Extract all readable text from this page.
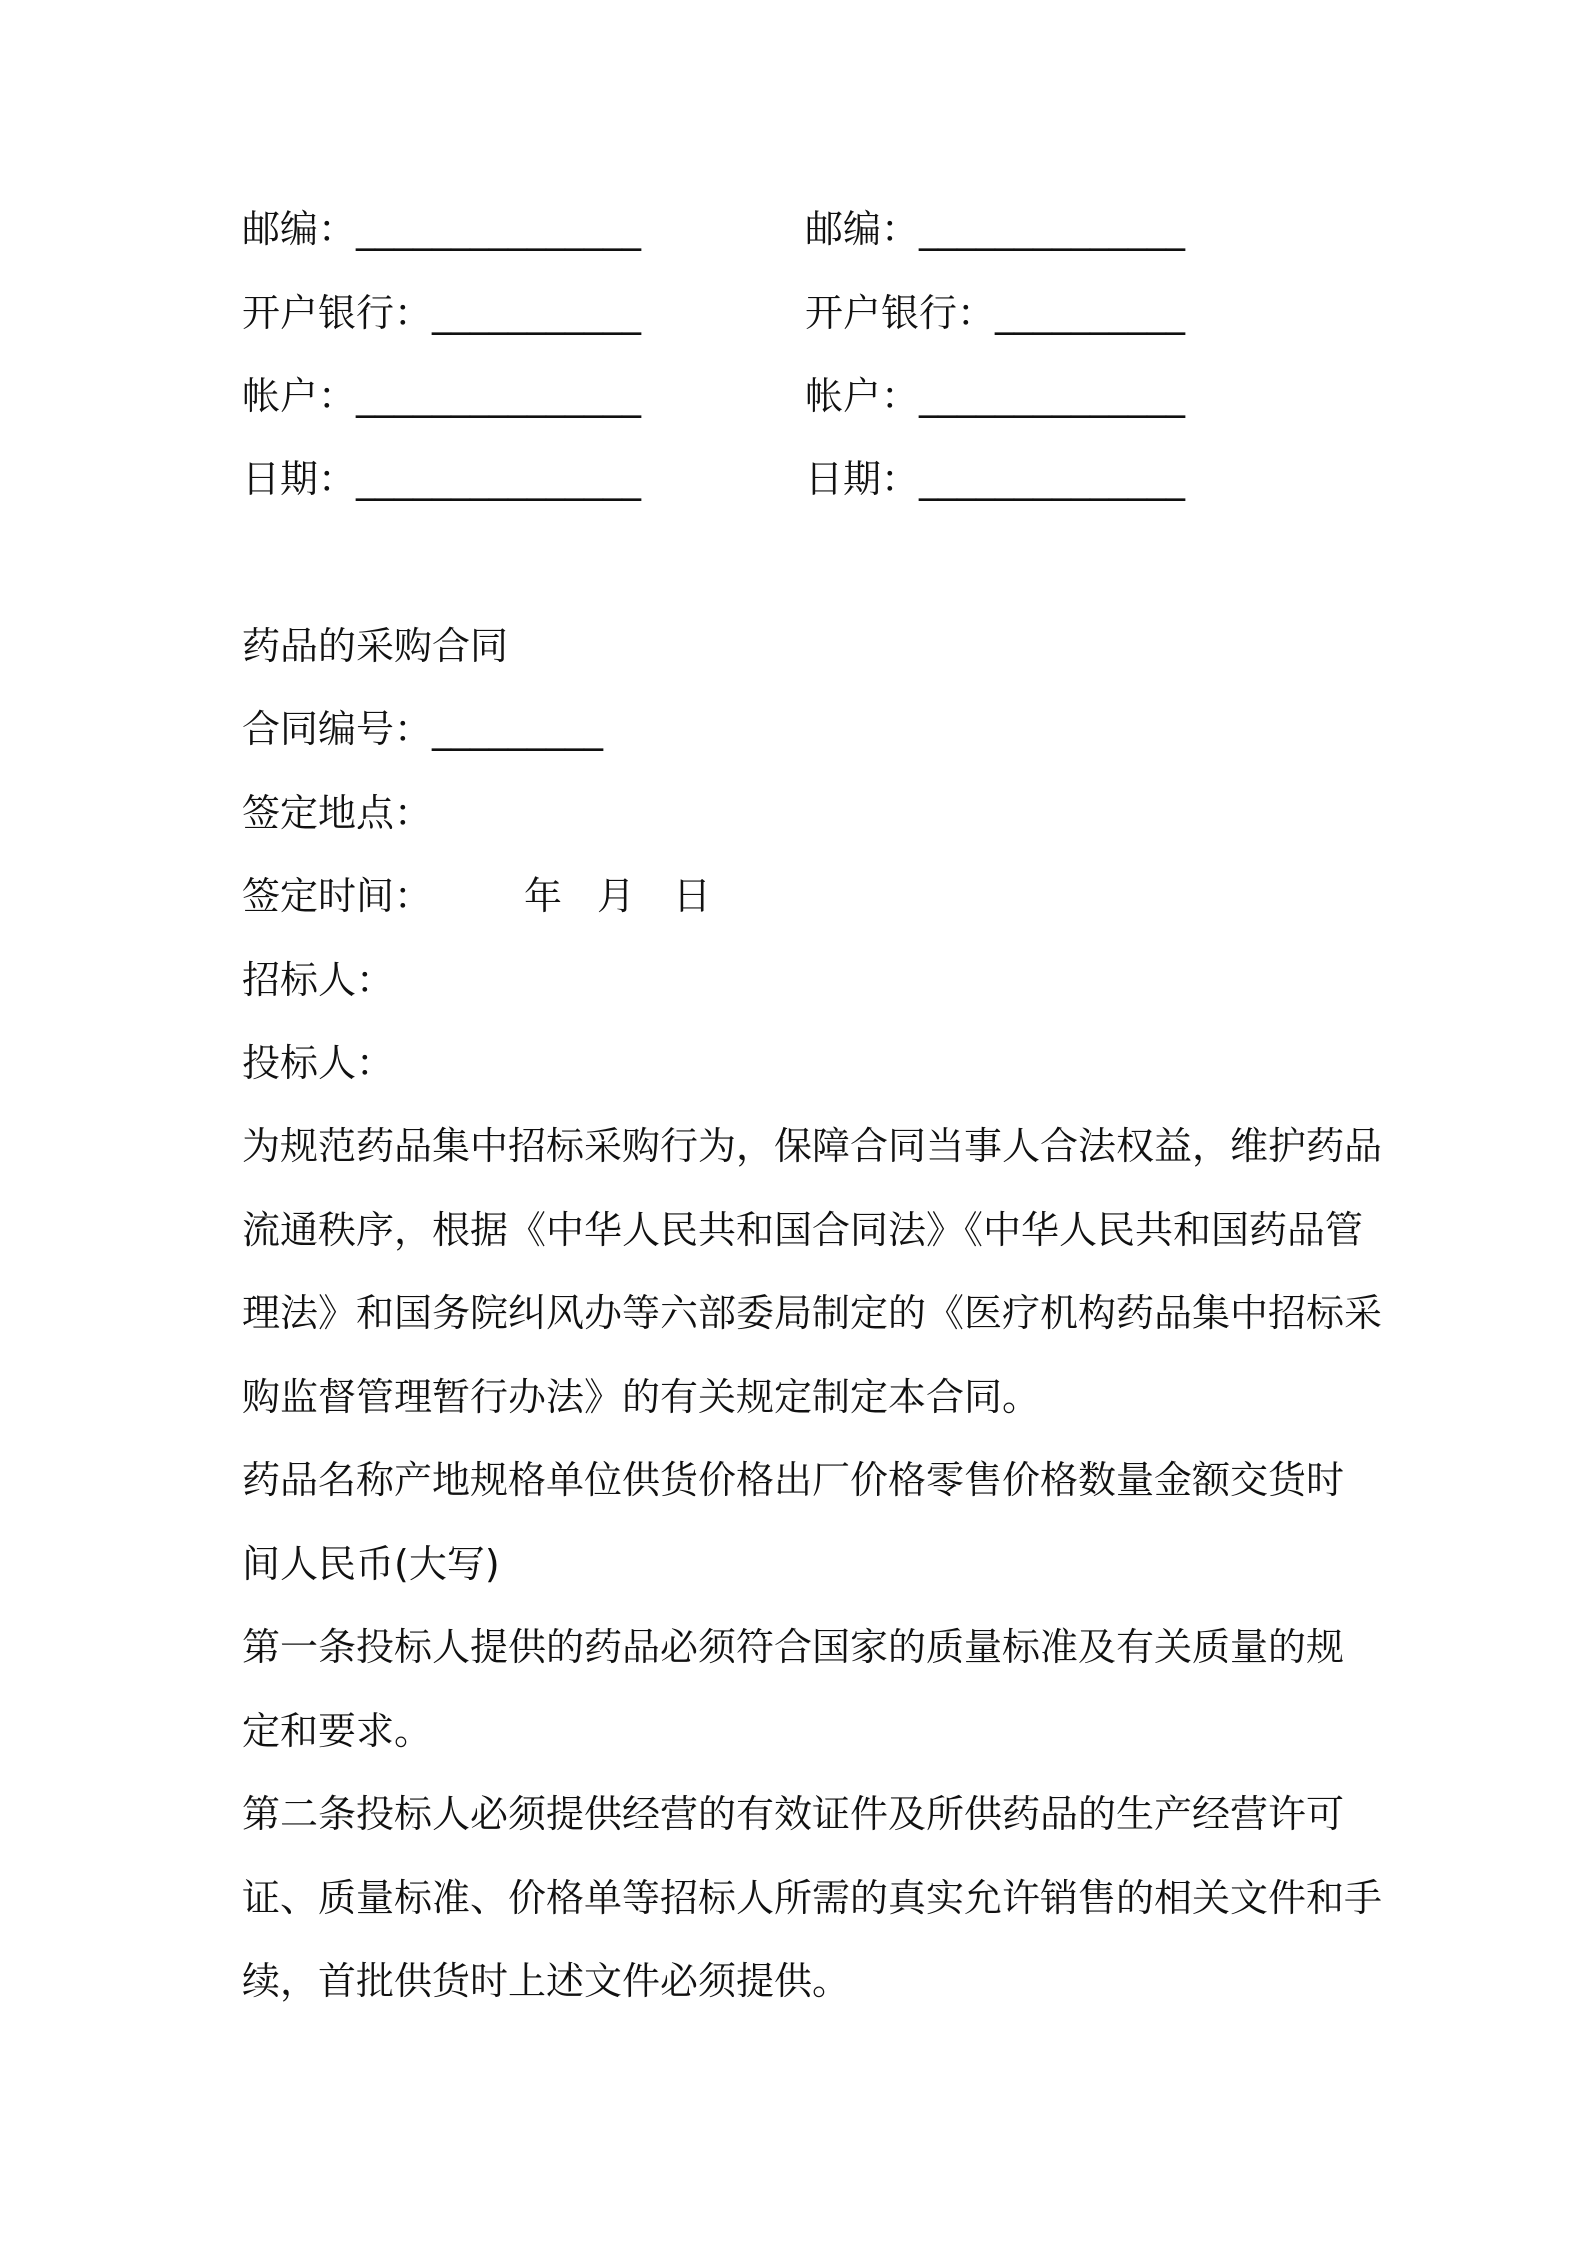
邮编：_______________
开户银行：___________
帐户：_______________
日期：_______________
邮编：______________
开户银行：__________
帐户：______________
日期：______________
药品的采购合同
合同编号：_________
签定地点：
签定时间： 年 月 日
招标人：
投标人：
为规范药品集中招标采购行为，保障合同当事人合法权益，维护药品
流通秩序，根据《中华人民共和国合同法》《中华人民共和国药品管
理法》和国务院纠风办等六部委局制定的《医疗机构药品集中招标采
购监督管理暂行办法》的有关规定制定本合同。
药品名称产地规格单位供货价格出厂价格零售价格数量金额交货时
间人民币(大写)
第一条投标人提供的药品必须符合国家的质量标准及有关质量的规
定和要求。
第二条投标人必须提供经营的有效证件及所供药品的生产经营许可
证、质量标准、价格单等招标人所需的真实允许销售的相关文件和手
续，首批供货时上述文件必须提供。
